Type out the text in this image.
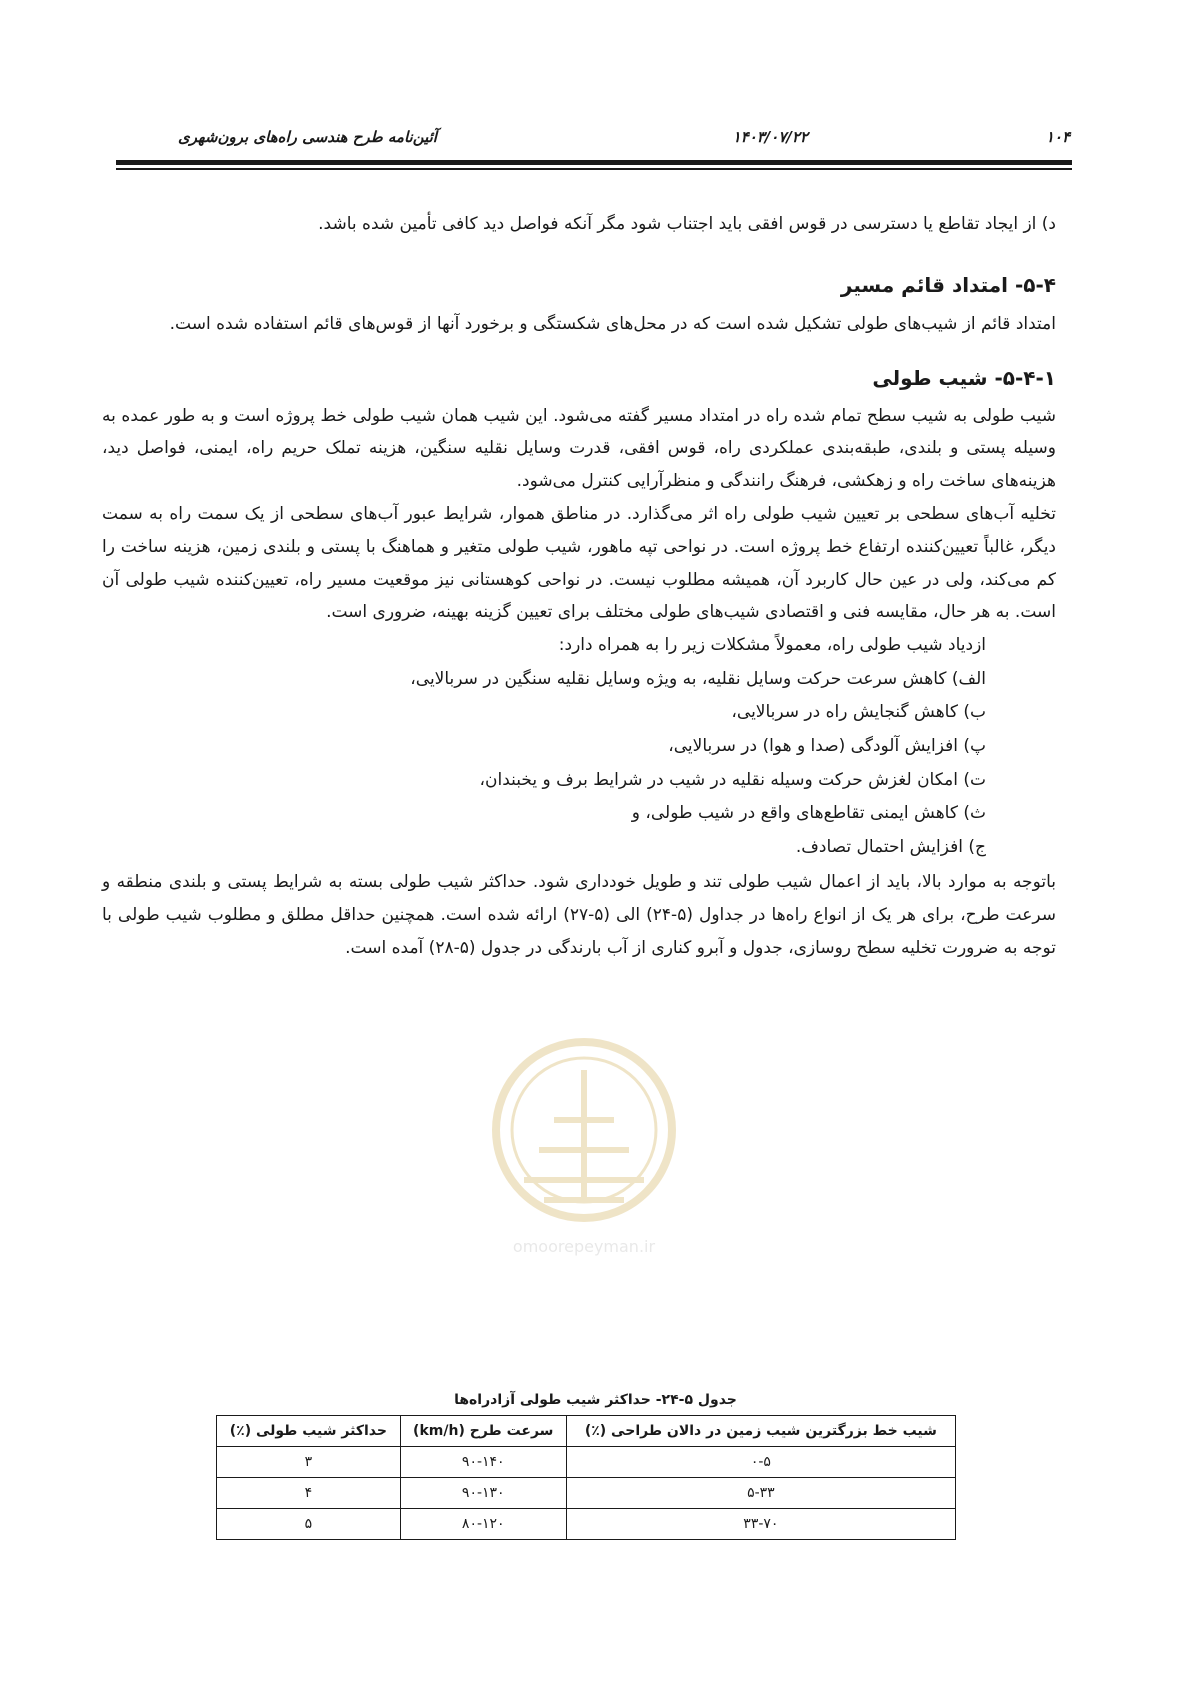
۱۰۴
۱۴۰۳/۰۷/۲۲
آئین‌نامه طرح هندسی راه‌های برون‌شهری
omoorepeyman.ir

د) از ایجاد تقاطع یا دسترسی در قوس افقی باید اجتناب شود مگر آنکه فواصل دید کافی تأمین شده باشد.

۵-۴- امتداد قائم مسیر

امتداد قائم از شیب‌های طولی تشکیل شده است که در محل‌های شکستگی و برخورد آنها از قوس‌های قائم استفاده شده است.

۵-۴-۱- شیب طولی

شیب طولی به شیب سطح تمام شده راه در امتداد مسیر گفته می‌شود. این شیب همان شیب طولی خط پروژه است و به طور عمده به وسیله پستی و بلندی، طبقه‌بندی عملکردی راه، قوس افقی، قدرت وسایل نقلیه سنگین، هزینه تملک حریم راه، ایمنی، فواصل دید، هزینه‌های ساخت راه و زهکشی، فرهنگ رانندگی و منظرآرایی کنترل می‌شود.

تخلیه آب‌های سطحی بر تعیین شیب طولی راه اثر می‌گذارد. در مناطق هموار، شرایط عبور آب‌های سطحی از یک سمت راه به سمت دیگر، غالباً تعیین‌کننده ارتفاع خط پروژه است. در نواحی تپه ماهور، شیب طولی متغیر و هماهنگ با پستی و بلندی زمین، هزینه ساخت را کم می‌کند، ولی در عین حال کاربرد آن، همیشه مطلوب نیست. در نواحی کوهستانی نیز موقعیت مسیر راه، تعیین‌کننده شیب طولی آن است. به هر حال، مقایسه فنی و اقتصادی شیب‌های طولی مختلف برای تعیین گزینه بهینه، ضروری است.

ازدیاد شیب طولی راه، معمولاً مشکلات زیر را به همراه دارد:

الف) کاهش سرعت حرکت وسایل نقلیه، به ویژه وسایل نقلیه سنگین در سربالایی،

ب) کاهش گنجایش راه در سربالایی،

پ) افزایش آلودگی (صدا و هوا) در سربالایی،

ت) امکان لغزش حرکت وسیله نقلیه در شیب در شرایط برف و یخبندان،

ث) کاهش ایمنی تقاطع‌های واقع در شیب طولی، و

ج) افزایش احتمال تصادف.

باتوجه به موارد بالا، باید از اعمال شیب طولی تند و طویل خودداری شود. حداکثر شیب طولی بسته به شرایط پستی و بلندی منطقه و سرعت طرح، برای هر یک از انواع راه‌ها در جداول (۵-۲۴) الی (۵-۲۷) ارائه شده است. همچنین حداقل مطلق و مطلوب شیب طولی با توجه به ضرورت تخلیه سطح روسازی، جدول و آبرو کناری از آب بارندگی در جدول (۵-۲۸) آمده است.

جدول ۵-۲۴- حداکثر شیب طولی آزادراه‌ها
شیب خط بزرگترین شیب زمین در دالان طراحی (٪)	سرعت طرح (km/h)	حداکثر شیب طولی (٪)
۰-۵	۹۰-۱۴۰	۳
۵-۳۳	۹۰-۱۳۰	۴
۳۳-۷۰	۸۰-۱۲۰	۵
